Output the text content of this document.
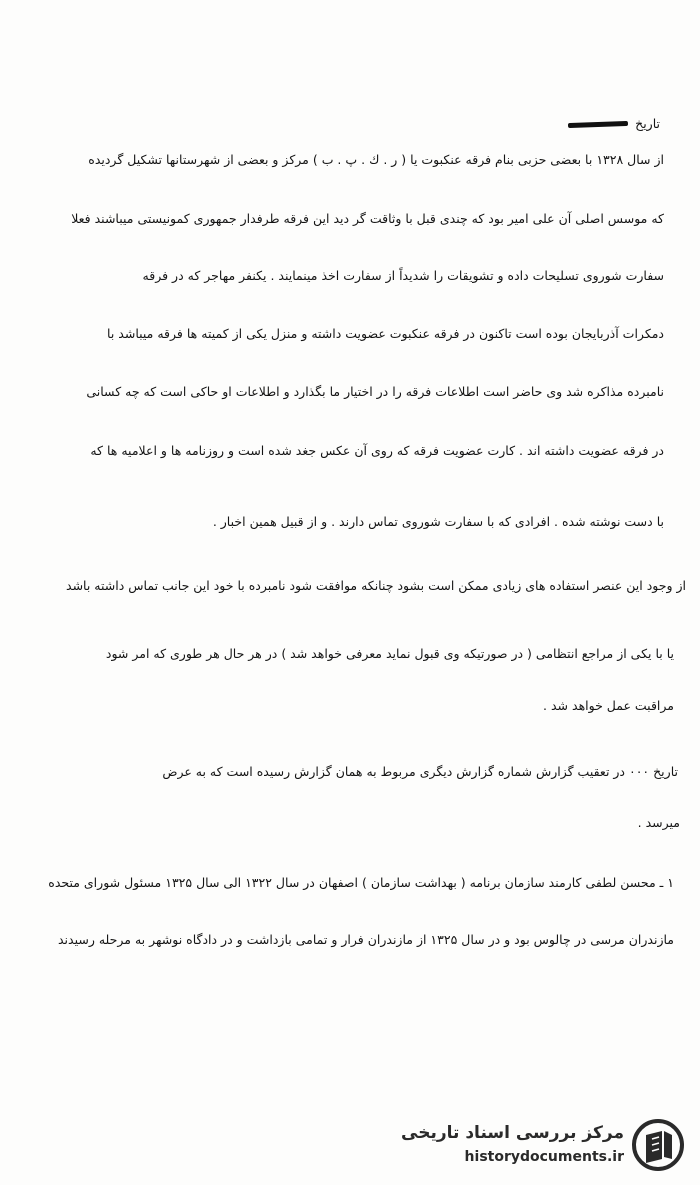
تاریخ
از سال ۱۳۲۸ با بعضی حزبی بنام فرقه عنکبوت یا ( ر . ك . پ . ب ) مرکز و بعضی از شهرستانها تشکیل گردیده
که موسس اصلی آن علی امیر بود که چندی قبل با وثاقت گر دید این فرقه طرفدار جمهوری کمونیستی میباشند فعلا
سفارت شوروی تسلیحات داده و تشویقات را شدیداً از سفارت اخذ مینمایند . یکنفر مهاجر که در فرقه
دمکرات آذربایجان بوده است تاکنون در فرقه عنکبوت عضویت داشته و منزل یکی از کمیته ها فرقه میباشد با
نامبرده مذاکره شد وی حاضر است اطلاعات فرقه را در اختیار ما بگذارد و اطلاعات او حاکی است که چه کسانی
در فرقه عضویت داشته اند . کارت عضویت فرقه که روی آن عکس جغد شده است و روزنامه ها و اعلامیه ها که
با دست نوشته شده . افرادی که با سفارت شوروی تماس دارند . و از قبیل همین اخبار .
از وجود این عنصر استفاده های زیادی ممکن است بشود چنانکه موافقت شود نامبرده با خود این جانب تماس داشته باشد
یا با یکی از مراجع انتظامی ( در صورتیکه وی قبول نماید معرفی خواهد شد ) در هر حال هر طوری که امر شود
مراقبت عمل خواهد شد .
تاریخ ۰۰۰ در تعقیب گزارش شماره گزارش دیگری مربوط به همان گزارش رسیده است که به عرض
میرسد .
۱ ـ محسن لطفی کارمند سازمان برنامه ( بهداشت سازمان ) اصفهان در سال ۱۳۲۲ الی سال ۱۳۲۵ مسئول شورای متحده
مازندران مرسی در چالوس بود و در سال ۱۳۲۵ از مازندران فرار و تمامی بازداشت و در دادگاه نوشهر به مرحله رسیدند
مرکز بررسی اسناد تاریخی
historydocuments.ir
